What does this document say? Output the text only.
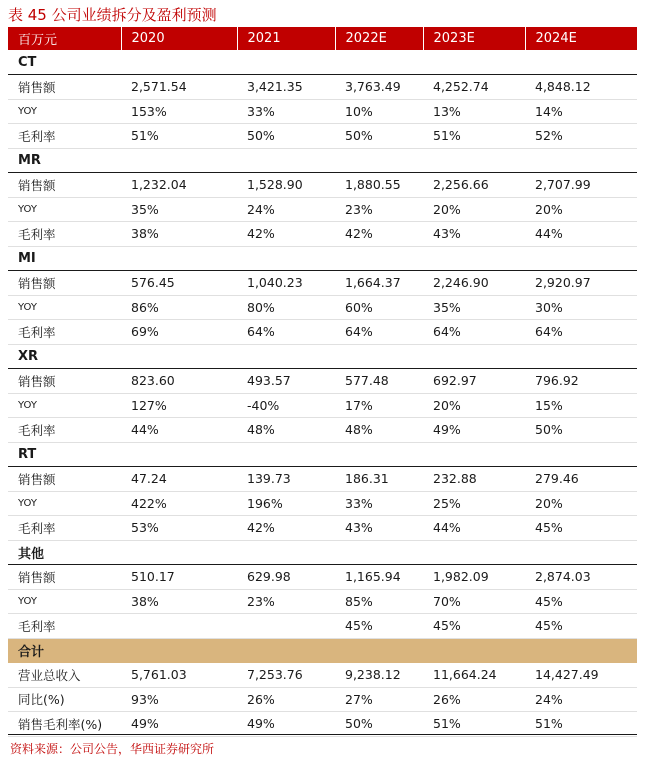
表 45 公司业绩拆分及盈利预测
百万元	2020	2021	2022E	2023E	2024E
CT					
销售额	2,571.54	3,421.35	3,763.49	4,252.74	4,848.12
YOY	153%	33%	10%	13%	14%
毛利率	51%	50%	50%	51%	52%
MR					
销售额	1,232.04	1,528.90	1,880.55	2,256.66	2,707.99
YOY	35%	24%	23%	20%	20%
毛利率	38%	42%	42%	43%	44%
MI					
销售额	576.45	1,040.23	1,664.37	2,246.90	2,920.97
YOY	86%	80%	60%	35%	30%
毛利率	69%	64%	64%	64%	64%
XR					
销售额	823.60	493.57	577.48	692.97	796.92
YOY	127%	-40%	17%	20%	15%
毛利率	44%	48%	48%	49%	50%
RT					
销售额	47.24	139.73	186.31	232.88	279.46
YOY	422%	196%	33%	25%	20%
毛利率	53%	42%	43%	44%	45%
其他					
销售额	510.17	629.98	1,165.94	1,982.09	2,874.03
YOY	38%	23%	85%	70%	45%
毛利率			45%	45%	45%
合计					
营业总收入	5,761.03	7,253.76	9,238.12	11,664.24	14,427.49
同比(%)	93%	26%	27%	26%	24%
销售毛利率(%)	49%	49%	50%	51%	51%
资料来源：公司公告，华西证券研究所
